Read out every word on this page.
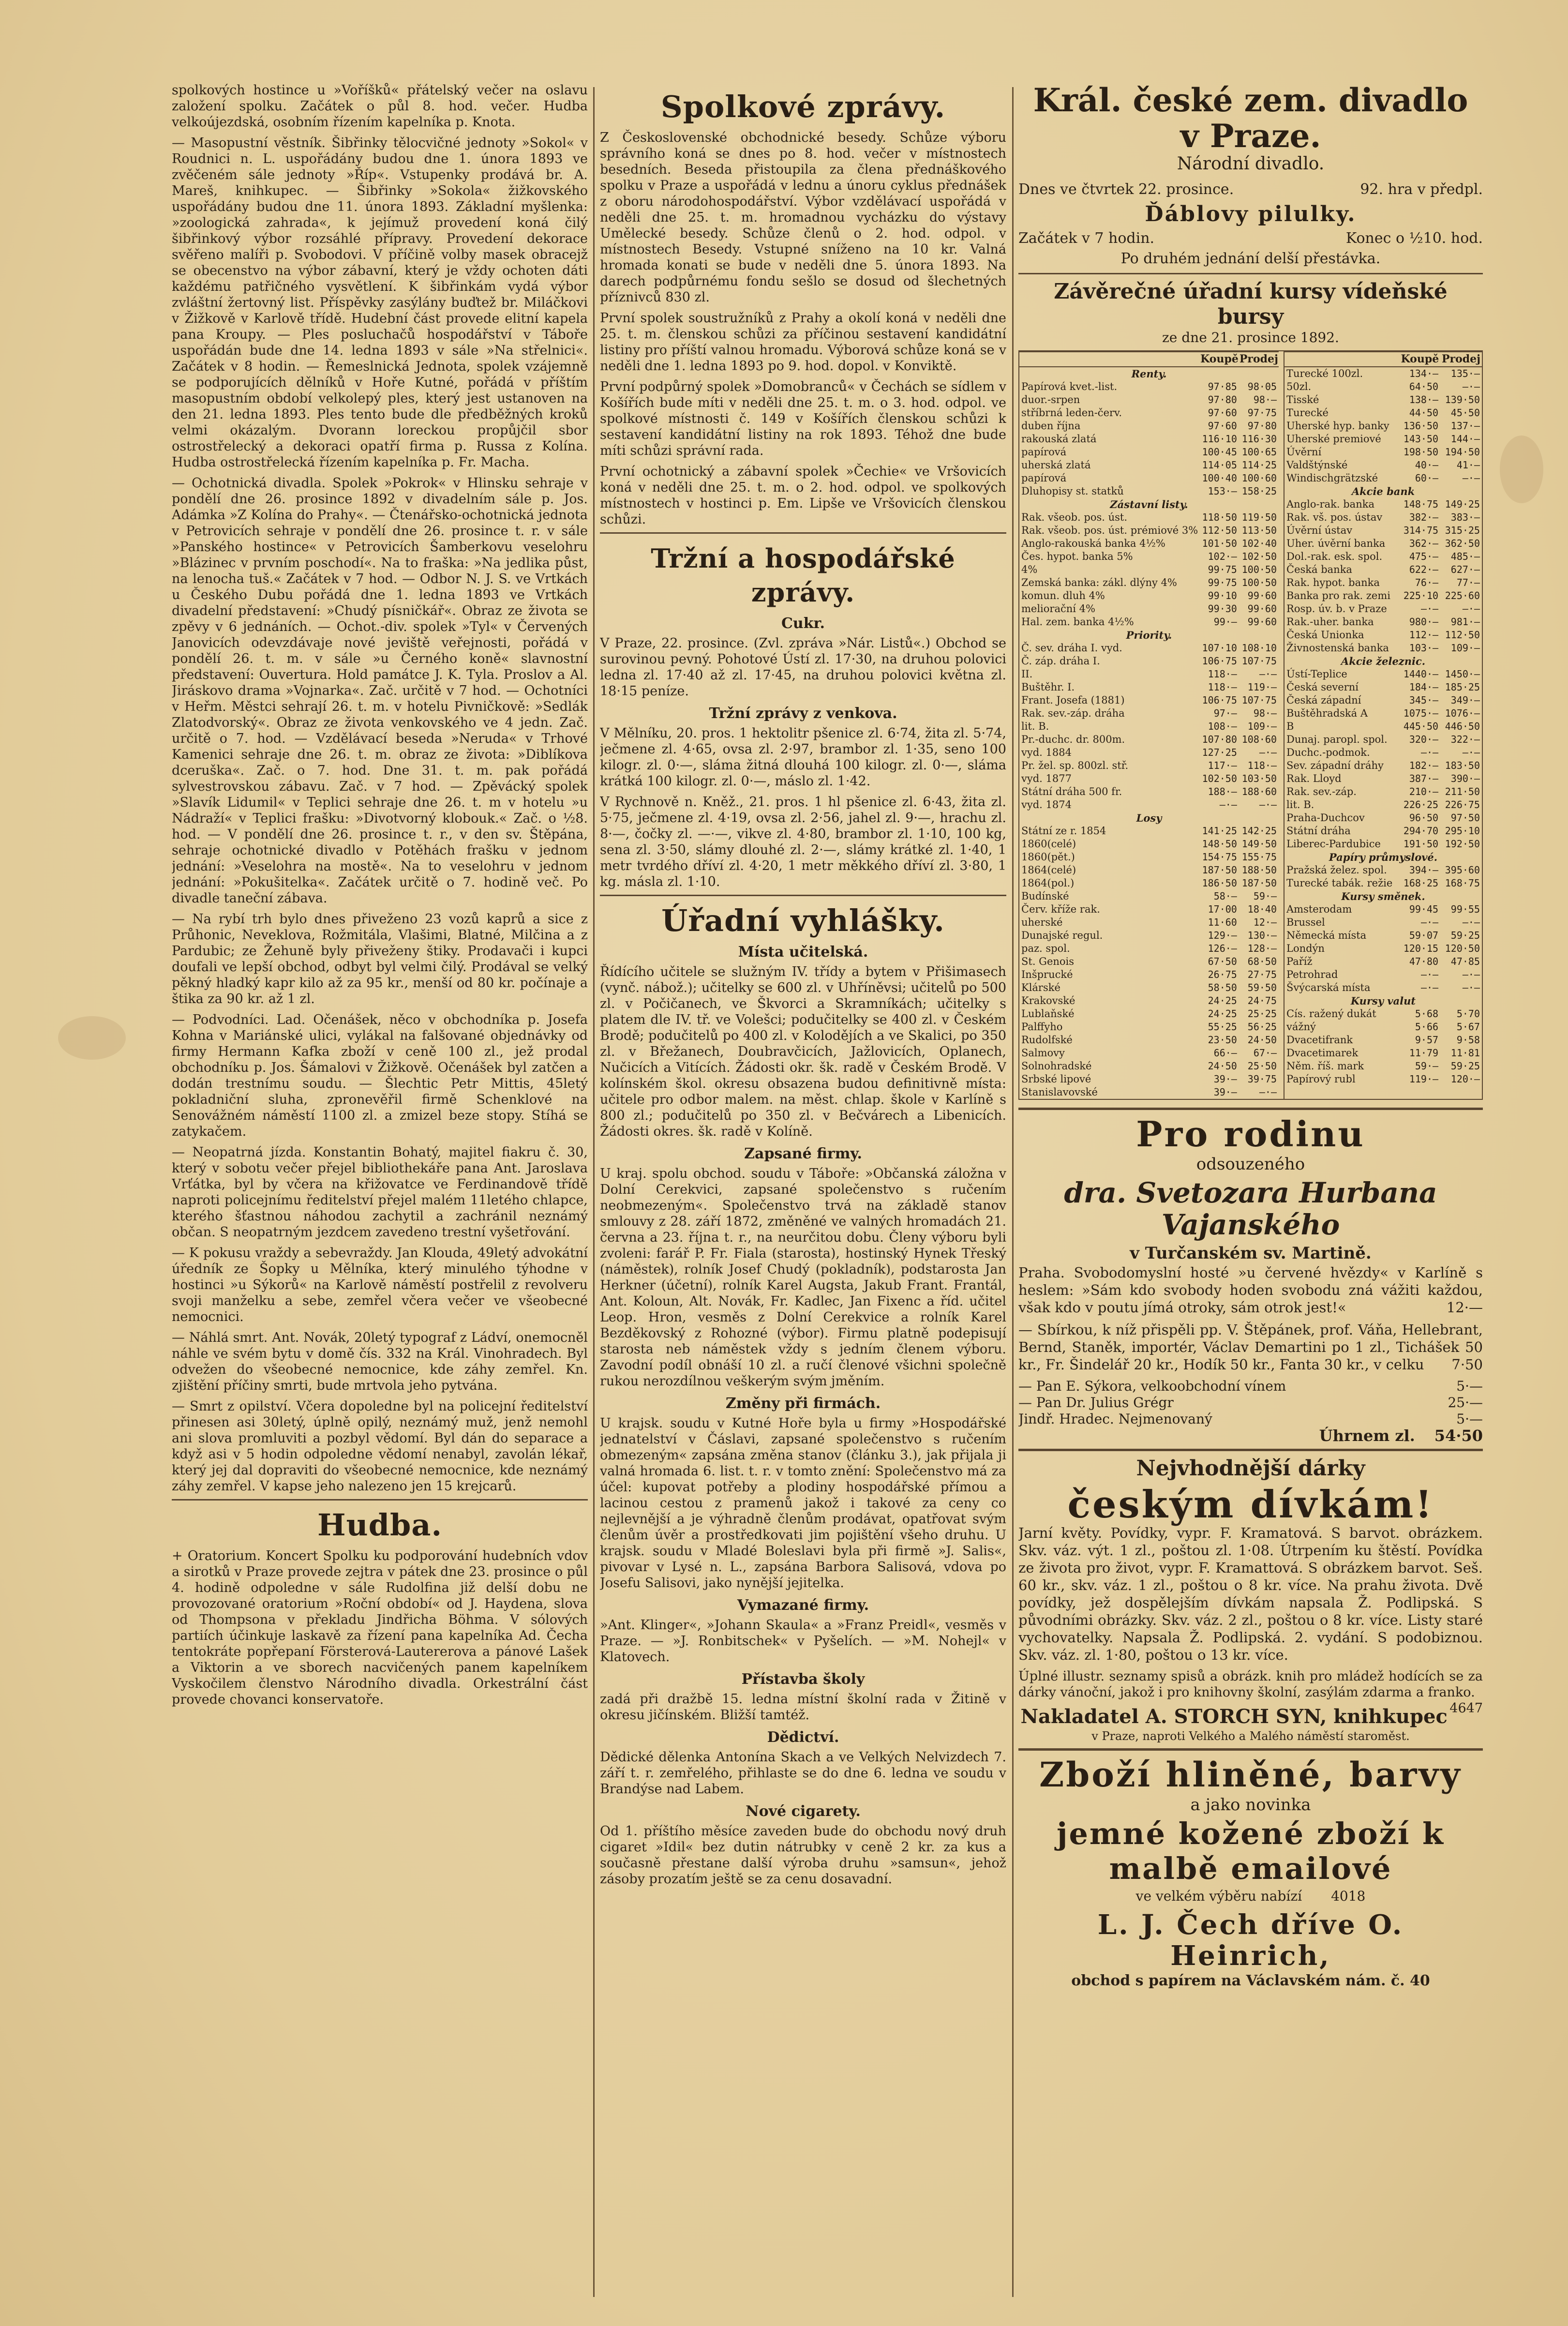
spolkových hostince u »Voříšků« přátelský večer na oslavu založení spolku. Začátek o půl 8. hod. večer. Hudba velkoújezdská, osobním řízením kapelníka p. Knota.

— Masopustní věstník. Šibřinky tělocvičné jednoty »Sokol« v Roudnici n. L. uspořádány budou dne 1. února 1893 ve zvěčeném sále jednoty »Říp«. Vstupenky prodává br. A. Mareš, knihkupec. — Šibřinky »Sokola« žižkovského uspořádány budou dne 11. února 1893. Základní myšlenka: »zoologická zahrada«, k jejímuž provedení koná čilý šibřinkový výbor rozsáhlé přípravy. Provedení dekorace svěřeno malíři p. Svobodovi. V příčině volby masek obracejž se obecenstvo na výbor zábavní, který je vždy ochoten dáti každému patřičného vysvětlení. K šibřinkám vydá výbor zvláštní žertovný list. Příspěvky zasýlány buďtež br. Miláčkovi v Žižkově v Karlově třídě. Hudební část provede elitní kapela pana Kroupy. — Ples posluchačů hospodářství v Táboře uspořádán bude dne 14. ledna 1893 v sále »Na střelnici«. Začátek v 8 hodin. — Řemeslnická Jednota, spolek vzájemně se podporujících dělníků v Hoře Kutné, pořádá v příštím masopustním období velkolepý ples, který jest ustanoven na den 21. ledna 1893. Ples tento bude dle předběžných kroků velmi okázalým. Dvorann loreckou propůjčil sbor ostrostřelecký a dekoraci opatří firma p. Russa z Kolína. Hudba ostrostřelecká řízením kapelníka p. Fr. Macha.

— Ochotnická divadla. Spolek »Pokrok« v Hlinsku sehraje v pondělí dne 26. prosince 1892 v divadelním sále p. Jos. Adámka »Z Kolína do Prahy«. — Čtenářsko-ochotnická jednota v Petrovicích sehraje v pondělí dne 26. prosince t. r. v sále »Panského hostince« v Petrovicích Šamberkovu veselohru »Blázinec v prvním poschodí«. Na to fraška: »Na jedlika půst, na lenocha tuš.« Začátek v 7 hod. — Odbor N. J. S. ve Vrtkách u Českého Dubu pořádá dne 1. ledna 1893 ve Vrtkách divadelní představení: »Chudý písničkář«. Obraz ze života se zpěvy v 6 jednáních. — Ochot.-div. spolek »Tyl« v Červených Janovicích odevzdávaje nové jeviště veřejnosti, pořádá v pondělí 26. t. m. v sále »u Černého koně« slavnostní představení: Ouvertura. Hold památce J. K. Tyla. Proslov a Al. Jiráskovo drama »Vojnarka«. Zač. určitě v 7 hod. — Ochotníci v Heřm. Městci sehrají 26. t. m. v hotelu Pivničkově: »Sedlák Zlatodvorský«. Obraz ze života venkovského ve 4 jedn. Zač. určitě o 7. hod. — Vzdělávací beseda »Neruda« v Trhové Kamenici sehraje dne 26. t. m. obraz ze života: »Diblíkova dceruška«. Zač. o 7. hod. Dne 31. t. m. pak pořádá sylvestrovskou zábavu. Zač. v 7 hod. — Zpěvácký spolek »Slavík Lidumil« v Teplici sehraje dne 26. t. m v hotelu »u Nádraží« v Teplici frašku: »Divotvorný klobouk.« Zač. o ½8. hod. — V pondělí dne 26. prosince t. r., v den sv. Štěpána, sehraje ochotnické divadlo v Potěhách frašku v jednom jednání: »Veselohra na mostě«. Na to veselohru v jednom jednání: »Pokušitelka«. Začátek určitě o 7. hodině več. Po divadle taneční zábava.

— Na rybí trh bylo dnes přiveženo 23 vozů kaprů a sice z Průhonic, Neveklova, Rožmitála, Vlašimi, Blatné, Milčina a z Pardubic; ze Žehuně byly přiveženy štiky. Prodavači i kupci doufali ve lepší obchod, odbyt byl velmi čilý. Prodával se velký pěkný hladký kapr kilo až za 95 kr., menší od 80 kr. počínaje a štika za 90 kr. až 1 zl.

— Podvodníci. Lad. Očenášek, něco v obchodníka p. Josefa Kohna v Mariánské ulici, vylákal na falšované objednávky od firmy Hermann Kafka zboží v ceně 100 zl., jež prodal obchodníku p. Jos. Šámalovi v Žižkově. Očenášek byl zatčen a dodán trestnímu soudu. — Šlechtic Petr Mittis, 45letý pokladniční sluha, zpronevěřil firmě Schenklové na Senovážném náměstí 1100 zl. a zmizel beze stopy. Stíhá se zatykačem.

— Neopatrná jízda. Konstantin Bohatý, majitel fiakru č. 30, který v sobotu večer přejel bibliothekáře pana Ant. Jaroslava Vrťátka, byl by včera na křižovatce ve Ferdinandově třídě naproti policejnímu ředitelství přejel malém 11letého chlapce, kterého šťastnou náhodou zachytil a zachránil neznámý občan. S neopatrným jezdcem zavedeno trestní vyšetřování.

— K pokusu vraždy a sebevraždy. Jan Klouda, 49letý advokátní úředník ze Šopky u Mělníka, který minulého týhodne v hostinci »u Sýkorů« na Karlově náměstí postřelil z revolveru svoji manželku a sebe, zemřel včera večer ve všeobecné nemocnici.

— Náhlá smrt. Ant. Novák, 20letý typograf z Ládví, onemocněl náhle ve svém bytu v domě čís. 332 na Král. Vinohradech. Byl odvežen do všeobecné nemocnice, kde záhy zemřel. Kn. zjištění příčiny smrti, bude mrtvola jeho pytvána.

— Smrt z opilství. Včera dopoledne byl na policejní ředitelství přinesen asi 30letý, úplně opilý, neznámý muž, jenž nemohl ani slova promluviti a pozbyl vědomí. Byl dán do separace a když asi v 5 hodin odpoledne vědomí nenabyl, zavolán lékař, který jej dal dopraviti do všeobecné nemocnice, kde neznámý záhy zemřel. V kapse jeho nalezeno jen 15 krejcarů.

Hudba.

+ Oratorium. Koncert Spolku ku podporování hudebních vdov a sirotků v Praze provede zejtra v pátek dne 23. prosince o půl 4. hodině odpoledne v sále Rudolfina již delší dobu ne provozované oratorium »Roční období« od J. Haydena, slova od Thompsona v překladu Jindřicha Böhma. V sólových partiích účinkuje laskavě za řízení pana kapelníka Ad. Čecha tentokráte popřepaní Försterová-Lautererova a pánové Lašek a Viktorin a ve sborech nacvičených panem kapelníkem Vyskočilem členstvo Národního divadla. Orkestrální část provede chovanci konservatoře.

Spolkové zprávy.

Z Československé obchodnické besedy. Schůze výboru správního koná se dnes po 8. hod. večer v místnostech besedních. Beseda přistoupila za člena přednáškového spolku v Praze a uspořádá v lednu a únoru cyklus přednášek z oboru národohospodářství. Výbor vzdělávací uspořádá v neděli dne 25. t. m. hromadnou vycházku do výstavy Umělecké besedy. Schůze členů o 2. hod. odpol. v místnostech Besedy. Vstupné sníženo na 10 kr. Valná hromada konati se bude v neděli dne 5. února 1893. Na darech podpůrnému fondu sešlo se dosud od šlechetných příznivců 830 zl.

První spolek soustružníků z Prahy a okolí koná v neděli dne 25. t. m. členskou schůzi za příčinou sestavení kandidátní listiny pro příští valnou hromadu. Výborová schůze koná se v neděli dne 1. ledna 1893 po 9. hod. dopol. v Konviktě.

První podpůrný spolek »Domobranců« v Čechách se sídlem v Košířích bude míti v neděli dne 25. t. m. o 3. hod. odpol. ve spolkové místnosti č. 149 v Košířích členskou schůzi k sestavení kandidátní listiny na rok 1893. Téhož dne bude míti schůzi správní rada.

První ochotnický a zábavní spolek »Čechie« ve Vršovicích koná v neděli dne 25. t. m. o 2. hod. odpol. ve spolkových místnostech v hostinci p. Em. Lipše ve Vršovicích členskou schůzi.

Tržní a hospodářské zprávy.
Cukr.

V Praze, 22. prosince. (Zvl. zpráva »Nár. Listů«.) Obchod se surovinou pevný. Pohotové Ústí zl. 17·30, na druhou polovici ledna zl. 17·40 až zl. 17·45, na druhou polovici května zl. 18·15 peníze.

Tržní zprávy z venkova.

V Mělníku, 20. pros. 1 hektolitr pšenice zl. 6·74, žita zl. 5·74, ječmene zl. 4·65, ovsa zl. 2·97, brambor zl. 1·35, seno 100 kilogr. zl. 0·—, sláma žitná dlouhá 100 kilogr. zl. 0·—, sláma krátká 100 kilogr. zl. 0·—, máslo zl. 1·42.

V Rychnově n. Kněž., 21. pros. 1 hl pšenice zl. 6·43, žita zl. 5·75, ječmene zl. 4·19, ovsa zl. 2·56, jahel zl. 9·—, hrachu zl. 8·—, čočky zl. —·—, vikve zl. 4·80, brambor zl. 1·10, 100 kg, sena zl. 3·50, slámy dlouhé zl. 2·—, slámy krátké zl. 1·40, 1 metr tvrdého dříví zl. 4·20, 1 metr měkkého dříví zl. 3·80, 1 kg. másla zl. 1·10.

Úřadní vyhlášky.
Místa učitelská.

Řídícího učitele se služným IV. třídy a bytem v Přišimasech (vynč. nábož.); učitelky se 600 zl. v Uhříněvsi; učitelů po 500 zl. v Počičanech, ve Škvorci a Skramníkách; učitelky s platem dle IV. tř. ve Volešci; podučitelky se 400 zl. v Českém Brodě; podučitelů po 400 zl. v Kolodějích a ve Skalici, po 350 zl. v Břežanech, Doubravčicích, Jažlovicích, Oplanech, Nučicích a Vitících. Žádosti okr. šk. radě v Českém Brodě. V kolínském škol. okresu obsazena budou definitivně místa: učitele pro odbor malem. na měst. chlap. škole v Karlíně s 800 zl.; podučitelů po 350 zl. v Bečvárech a Libenicích. Žádosti okres. šk. radě v Kolíně.

Zapsané firmy.

U kraj. spolu obchod. soudu v Táboře: »Občanská záložna v Dolní Cerekvici, zapsané společenstvo s ručením neobmezeným«. Společenstvo trvá na základě stanov smlouvy z 28. září 1872, změněné ve valných hromadách 21. června a 23. října t. r., na neurčitou dobu. Členy výboru byli zvoleni: farář P. Fr. Fiala (starosta), hostinský Hynek Třeský (náměstek), rolník Josef Chudý (pokladník), podstarosta Jan Herkner (účetní), rolník Karel Augsta, Jakub Frant. Frantál, Ant. Koloun, Alt. Novák, Fr. Kadlec, Jan Fixenc a říd. učitel Leop. Hron, vesměs z Dolní Cerekvice a rolník Karel Bezděkovský z Rohozné (výbor). Firmu platně podepisují starosta neb náměstek vždy s jedním členem výboru. Zavodní podíl obnáší 10 zl. a ručí členové všichni společně rukou nerozdílnou veškerým svým jměním.

Změny při firmách.

U krajsk. soudu v Kutné Hoře byla u firmy »Hospodářské jednatelství v Čáslavi, zapsané společenstvo s ručením obmezeným« zapsána změna stanov (článku 3.), jak přijala ji valná hromada 6. list. t. r. v tomto znění: Společenstvo má za účel: kupovat potřeby a plodiny hospodářské přímou a lacinou cestou z pramenů jakož i takové za ceny co nejlevnější a je výhradně členům prodávat, opatřovat svým členům úvěr a prostředkovati jim pojištění všeho druhu. U krajsk. soudu v Mladé Boleslavi byla při firmě »J. Salis«, pivovar v Lysé n. L., zapsána Barbora Salisová, vdova po Josefu Salisovi, jako nynější jejitelka.

Vymazané firmy.

»Ant. Klinger«, »Johann Skaula« a »Franz Preidl«, vesměs v Praze. — »J. Ronbitschek« v Pyšelích. — »M. Nohejl« v Klatovech.

Přístavba školy

zadá při dražbě 15. ledna místní školní rada v Žitině v okresu jičínském. Bližší tamtéž.

Dědictví.

Dědické dělenka Antonína Skach a ve Velkých Nelvizdech 7. září t. r. zemřelého, přihlaste se do dne 6. ledna ve soudu v Brandýse nad Labem.

Nové cigarety.

Od 1. příštího měsíce zaveden bude do obchodu nový druh cigaret »Idil« bez dutin nátrubky v ceně 2 kr. za kus a současně přestane další výroba druhu »samsun«, jehož zásoby prozatím ještě se za cenu dosavadní.

Král. české zem. divadlo v Praze.
Národní divadlo.
Dnes ve čtvrtek 22. prosince.	92. hra v předpl.
Ďáblovy pilulky.
Začátek v 7 hodin.	Konec o ½10. hod.
Po druhém jednání delší přestávka.
Závěrečné úřadní kursy vídeňské bursy
ze dne 21. prosince 1892.
	Koupě	Prodej
Renty.		
Papírová kvet.-list.	97·85	98·05
duor.-srpen	97·80	98·—
stříbrná leden-červ.	97·60	97·75
duben října	97·60	97·80
rakouská zlatá	116·10	116·30
papírová	100·45	100·65
uherská zlatá	114·05	114·25
papírová	100·40	100·60
Dluhopisy st. statků	153·—	158·25
Zástavní listy.		
Rak. všeob. pos. úst.	118·50	119·50
Rak. všeob. pos. úst. prémiové 3%	112·50	113·50
Anglo-rakouská banka 4½%	101·50	102·40
Čes. hypot. banka 5%	102·—	102·50
4%	99·75	100·50
Zemská banka: zákl. dlýny 4%	99·75	100·50
komun. dluh 4%	99·10	99·60
meliorační 4%	99·30	99·60
Hal. zem. banka 4½%	99·—	99·60
Priority.		
Č. sev. dráha I. vyd.	107·10	108·10
Č. záp. dráha I.	106·75	107·75
II.	118·—	—·—
Buštěhr. I.	118·—	119·—
Frant. Josefa (1881)	106·75	107·75
Rak. sev.-záp. dráha	97·—	98·—
lit. B.	108·—	109·—
Pr.-duchc. dr. 800m.	107·80	108·60
vyd. 1884	127·25	—·—
Pr. žel. sp. 800zl. stř.	117·—	118·—
vyd. 1877	102·50	103·50
Státní dráha 500 fr.	188·—	188·60
vyd. 1874	—·—	—·—
Losy		
Státní ze r. 1854	141·25	142·25
1860(celé)	148·50	149·50
1860(pět.)	154·75	155·75
1864(celé)	187·50	188·50
1864(pol.)	186·50	187·50
Budínské	58·—	59·—
Červ. kříže rak.	17·00	18·40
uherské	11·60	12·—
Dunajské regul.	129·—	130·—
paz. spol.	126·—	128·—
St. Genois	67·50	68·50
Inšprucké	26·75	27·75
Klárské	58·50	59·50
Krakovské	24·25	24·75
Lublaňské	24·25	25·25
Palffyho	55·25	56·25
Rudolfské	23·50	24·50
Salmovy	66·—	67·—
Solnohradské	24·50	25·50
Srbské lipové	39·—	39·75
Stanislavovské	39·—	—·—
	Koupě	Prodej
Turecké 100zl.	134·—	135·—
50zl.	64·50	—·—
Tisské	138·—	139·50
Turecké	44·50	45·50
Uherské hyp. banky	136·50	137·—
Uherské premiové	143·50	144·—
Úvěrní	198·50	194·50
Valdštýnské	40·—	41·—
Windischgrätzské	60·—	—·—
Akcie bank		
Anglo-rak. banka	148·75	149·25
Rak. vš. pos. ústav	382·—	383·—
Úvěrní ústav	314·75	315·25
Uher. úvěrní banka	362·—	362·50
Dol.-rak. esk. spol.	475·—	485·—
Česká banka	622·—	627·—
Rak. hypot. banka	76·—	77·—
Banka pro rak. zemi	225·10	225·60
Rosp. úv. b. v Praze	—·—	—·—
Rak.-uher. banka	980·—	981·—
Česká Unionka	112·—	112·50
Živnostenská banka	103·—	109·—
Akcie železnic.		
Ústí-Teplice	1440·—	1450·—
Česká severní	184·—	185·25
Česká západní	345·—	349·—
Buštěhradská A	1075·—	1076·—
B	445·50	446·50
Dunaj. paropl. spol.	320·—	322·—
Duchc.-podmok.	—·—	—·—
Sev. západní dráhy	182·—	183·50
Rak. Lloyd	387·—	390·—
Rak. sev.-záp.	210·—	211·50
lit. B.	226·25	226·75
Praha-Duchcov	96·50	97·50
Státní dráha	294·70	295·10
Liberec-Pardubice	191·50	192·50
Papíry průmyslové.		
Pražská želez. spol.	394·—	395·60
Turecké tabák. režie	168·25	168·75
Kursy směnek.		
Amsterodam	99·45	99·55
Brussel	—·—	—·—
Německá místa	59·07	59·25
Londýn	120·15	120·50
Paříž	47·80	47·85
Petrohrad	—·—	—·—
Švýcarská místa	—·—	—·—
Kursy valut		
Cís. ražený dukát	5·68	5·70
vážný	5·66	5·67
Dvacetifrank	9·57	9·58
Dvacetimarek	11·79	11·81
Něm. říš. mark	59·—	59·25
Papírový rubl	119·—	120·—
Pro rodinu
odsouzeného
dra. Svetozara Hurbana Vajanského
v Turčanském sv. Martině.

Praha. Svobodomyslní hosté »u červené hvězdy« v Karlíně s heslem: »Sám kdo svobody hoden svobodu zná vážiti každou, však kdo v poutu jímá otroky, sám otrok jest!«	12·—

— Sbírkou, k níž přispěli pp. V. Štěpánek, prof. Váňa, Hellebrant, Bernd, Staněk, importér, Václav Demartini po 1 zl., Tichášek 50 kr., Fr. Šindelář 20 kr., Hodík 50 kr., Fanta 30 kr., v celku 7·50

— Pan E. Sýkora, velkoobchodní vínem	5·—
— Pan Dr. Julius Grégr	25·—
Jindř. Hradec. Nejmenovaný	5·—
Úhrnem zl. 54·50
Nejvhodnější dárky
českým dívkám!

Jarní květy. Povídky, vypr. F. Kramatová. S barvot. obrázkem. Skv. váz. výt. 1 zl., poštou zl. 1·08. Útrpením ku štěstí. Povídka ze života pro život, vypr. F. Kramattová. S obrázkem barvot. Seš. 60 kr., skv. váz. 1 zl., poštou o 8 kr. více. Na prahu života. Dvě povídky, jež dospělejším dívkám napsala Ž. Podlipská. S původními obrázky. Skv. váz. 2 zl., poštou o 8 kr. více. Listy staré vychovatelky. Napsala Ž. Podlipská. 2. vydání. S podobiznou. Skv. váz. zl. 1·80, poštou o 13 kr. více.

Úplné illustr. seznamy spisů a obrázk. knih pro mládež hodících se za dárky vánoční, jakož i pro knihovny školní, zasýlám zdarma a franko.
4647

Nakladatel A. STORCH SYN, knihkupec
v Praze, naproti Velkého a Malého náměstí staroměst.
Zboží hliněné, barvy
a jako novinka
jemné kožené zboží k malbě emailové
ve velkém výběru nabízí 4018
L. J. Čech dříve O. Heinrich,
obchod s papírem na Václavském nám. č. 40
